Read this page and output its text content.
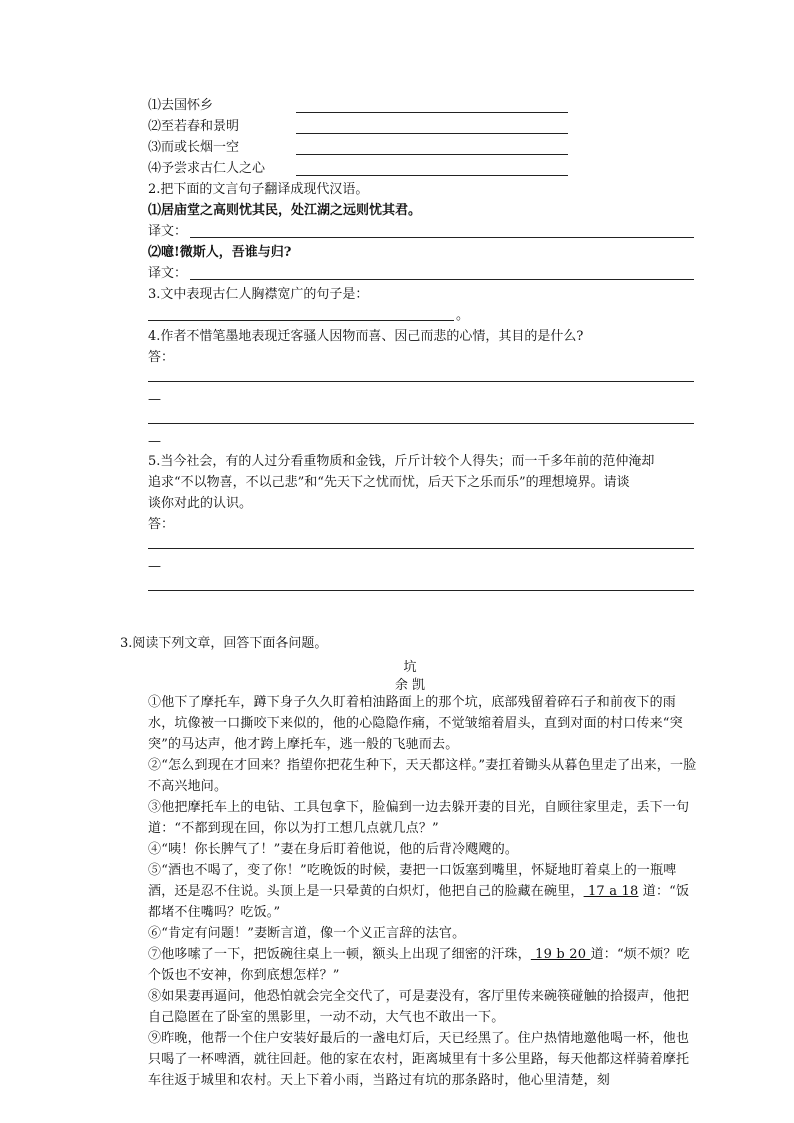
⑴去国怀乡
⑵至若春和景明
⑶而或长烟一空
⑷予尝求古仁人之心
2.把下面的文言句子翻译成现代汉语。
⑴居庙堂之高则忧其民，处江湖之远则忧其君。
译文：
⑵噫!微斯人，吾谁与归?
译文：
3.文中表现古仁人胸襟宽广的句子是：
。
4.作者不惜笔墨地表现迁客骚人因物而喜、因己而悲的心情，其目的是什么?
答：
—
—
5.当今社会，有的人过分看重物质和金钱，斤斤计较个人得失；而一千多年前的范仲淹却
追求“不以物喜，不以己悲”和“先天下之忧而忧，后天下之乐而乐”的理想境界。请谈
谈你对此的认识。
答：
—
3.阅读下列文章，回答下面各问题。
坑
余 凯

①他下了摩托车，蹲下身子久久盯着柏油路面上的那个坑，底部残留着碎石子和前夜下的雨水，坑像被一口撕咬下来似的，他的心隐隐作痛，不觉皱缩着眉头，直到对面的村口传来“突突”的马达声，他才跨上摩托车，逃一般的飞驰而去。

②“怎么到现在才回来？指望你把花生种下，天天都这样。”妻扛着锄头从暮色里走了出来，一脸不高兴地问。

③他把摩托车上的电钻、工具包拿下，脸偏到一边去躲开妻的目光，自顾往家里走，丢下一句道：“不都到现在回，你以为打工想几点就几点？”

④“咦！你长脾气了！”妻在身后盯着他说，他的后背冷飕飕的。

⑤“酒也不喝了，变了你！”吃晚饭的时候，妻把一口饭塞到嘴里，怀疑地盯着桌上的一瓶啤酒，还是忍不住说。头顶上是一只晕黄的白炽灯，他把自己的脸藏在碗里， 17 a 18 道：“饭都堵不住嘴吗？吃饭。”

⑥“肯定有问题！”妻断言道，像一个义正言辞的法官。

⑦他哆嗦了一下，把饭碗往桌上一顿，额头上出现了细密的汗珠， 19 b 20 道：“烦不烦？吃个饭也不安神，你到底想怎样？”

⑧如果妻再逼问，他恐怕就会完全交代了，可是妻没有，客厅里传来碗筷碰触的拾掇声，他把自己隐匿在了卧室的黑影里，一动不动，大气也不敢出一下。

⑨昨晚，他帮一个住户安装好最后的一盏电灯后，天已经黑了。住户热情地邀他喝一杯，他也只喝了一杯啤酒，就往回赶。他的家在农村，距离城里有十多公里路，每天他都这样骑着摩托车往返于城里和农村。天上下着小雨，当路过有坑的那条路时，他心里清楚，刻
